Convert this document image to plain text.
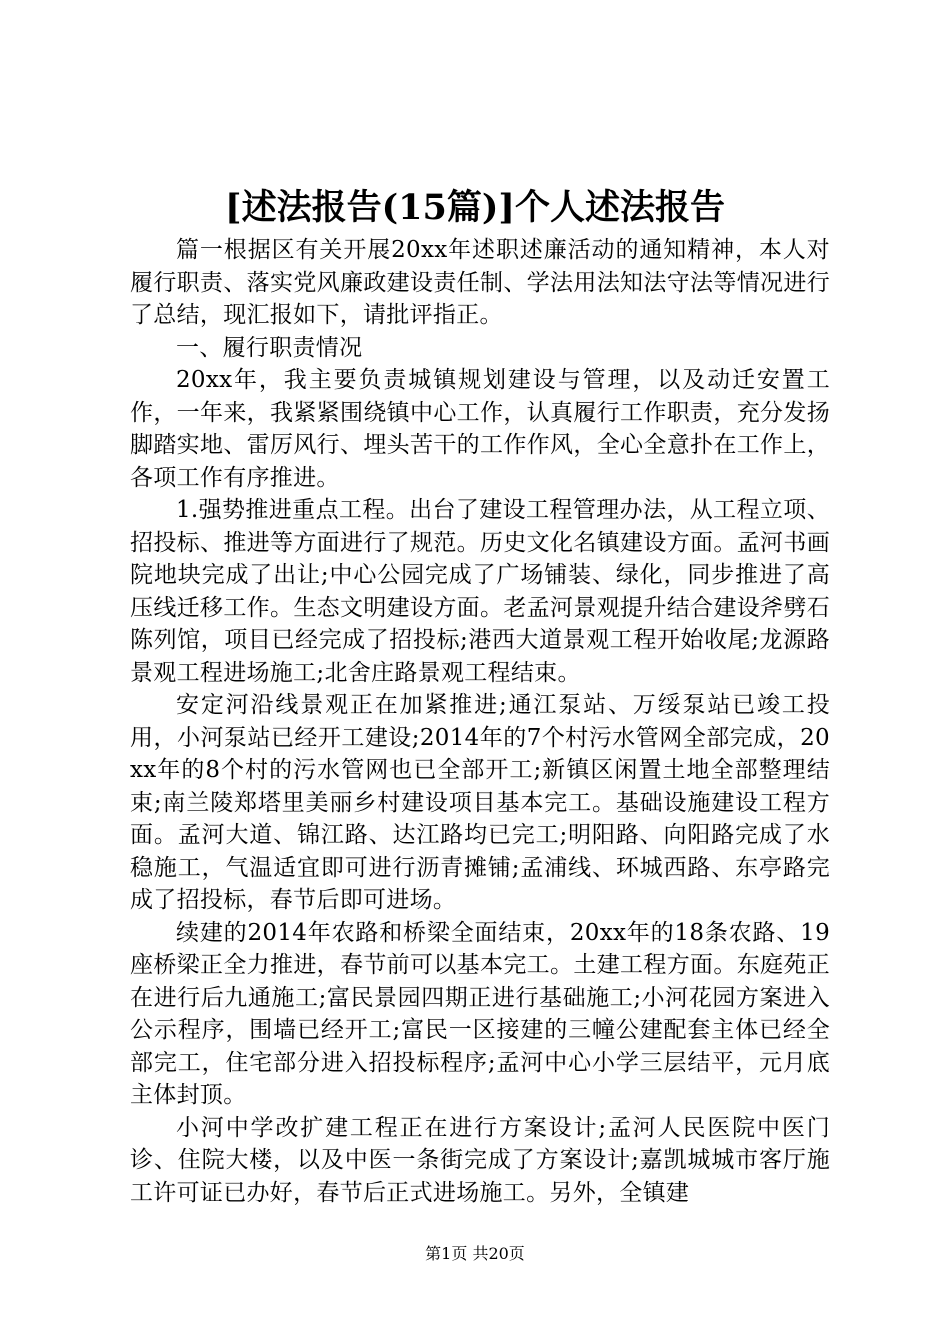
[述法报告(15篇)]个人述法报告

篇一根据区有关开展20xx年述职述廉活动的通知精神，本人对履行职责、落实党风廉政建设责任制、学法用法知法守法等情况进行了总结，现汇报如下，请批评指正。

一、履行职责情况

20xx年，我主要负责城镇规划建设与管理，以及动迁安置工作，一年来，我紧紧围绕镇中心工作，认真履行工作职责，充分发扬脚踏实地、雷厉风行、埋头苦干的工作作风，全心全意扑在工作上，各项工作有序推进。

1.强势推进重点工程。出台了建设工程管理办法，从工程立项、招投标、推进等方面进行了规范。历史文化名镇建设方面。孟河书画院地块完成了出让;中心公园完成了广场铺装、绿化，同步推进了高压线迁移工作。生态文明建设方面。老孟河景观提升结合建设斧劈石陈列馆，项目已经完成了招投标;港西大道景观工程开始收尾;龙源路景观工程进场施工;北舍庄路景观工程结束。

安定河沿线景观正在加紧推进;通江泵站、万绥泵站已竣工投用，小河泵站已经开工建设;2014年的7个村污水管网全部完成，20xx年的8个村的污水管网也已全部开工;新镇区闲置土地全部整理结束;南兰陵郑塔里美丽乡村建设项目基本完工。基础设施建设工程方面。孟河大道、锦江路、达江路均已完工;明阳路、向阳路完成了水稳施工，气温适宜即可进行沥青摊铺;孟浦线、环城西路、东亭路完成了招投标，春节后即可进场。

续建的2014年农路和桥梁全面结束，20xx年的18条农路、19座桥梁正全力推进，春节前可以基本完工。土建工程方面。东庭苑正在进行后九通施工;富民景园四期正进行基础施工;小河花园方案进入公示程序，围墙已经开工;富民一区接建的三幢公建配套主体已经全部完工，住宅部分进入招投标程序;孟河中心小学三层结平，元月底主体封顶。

小河中学改扩建工程正在进行方案设计;孟河人民医院中医门诊、住院大楼，以及中医一条街完成了方案设计;嘉凯城城市客厅施工许可证已办好，春节后正式进场施工。另外，全镇建

第1页 共20页
